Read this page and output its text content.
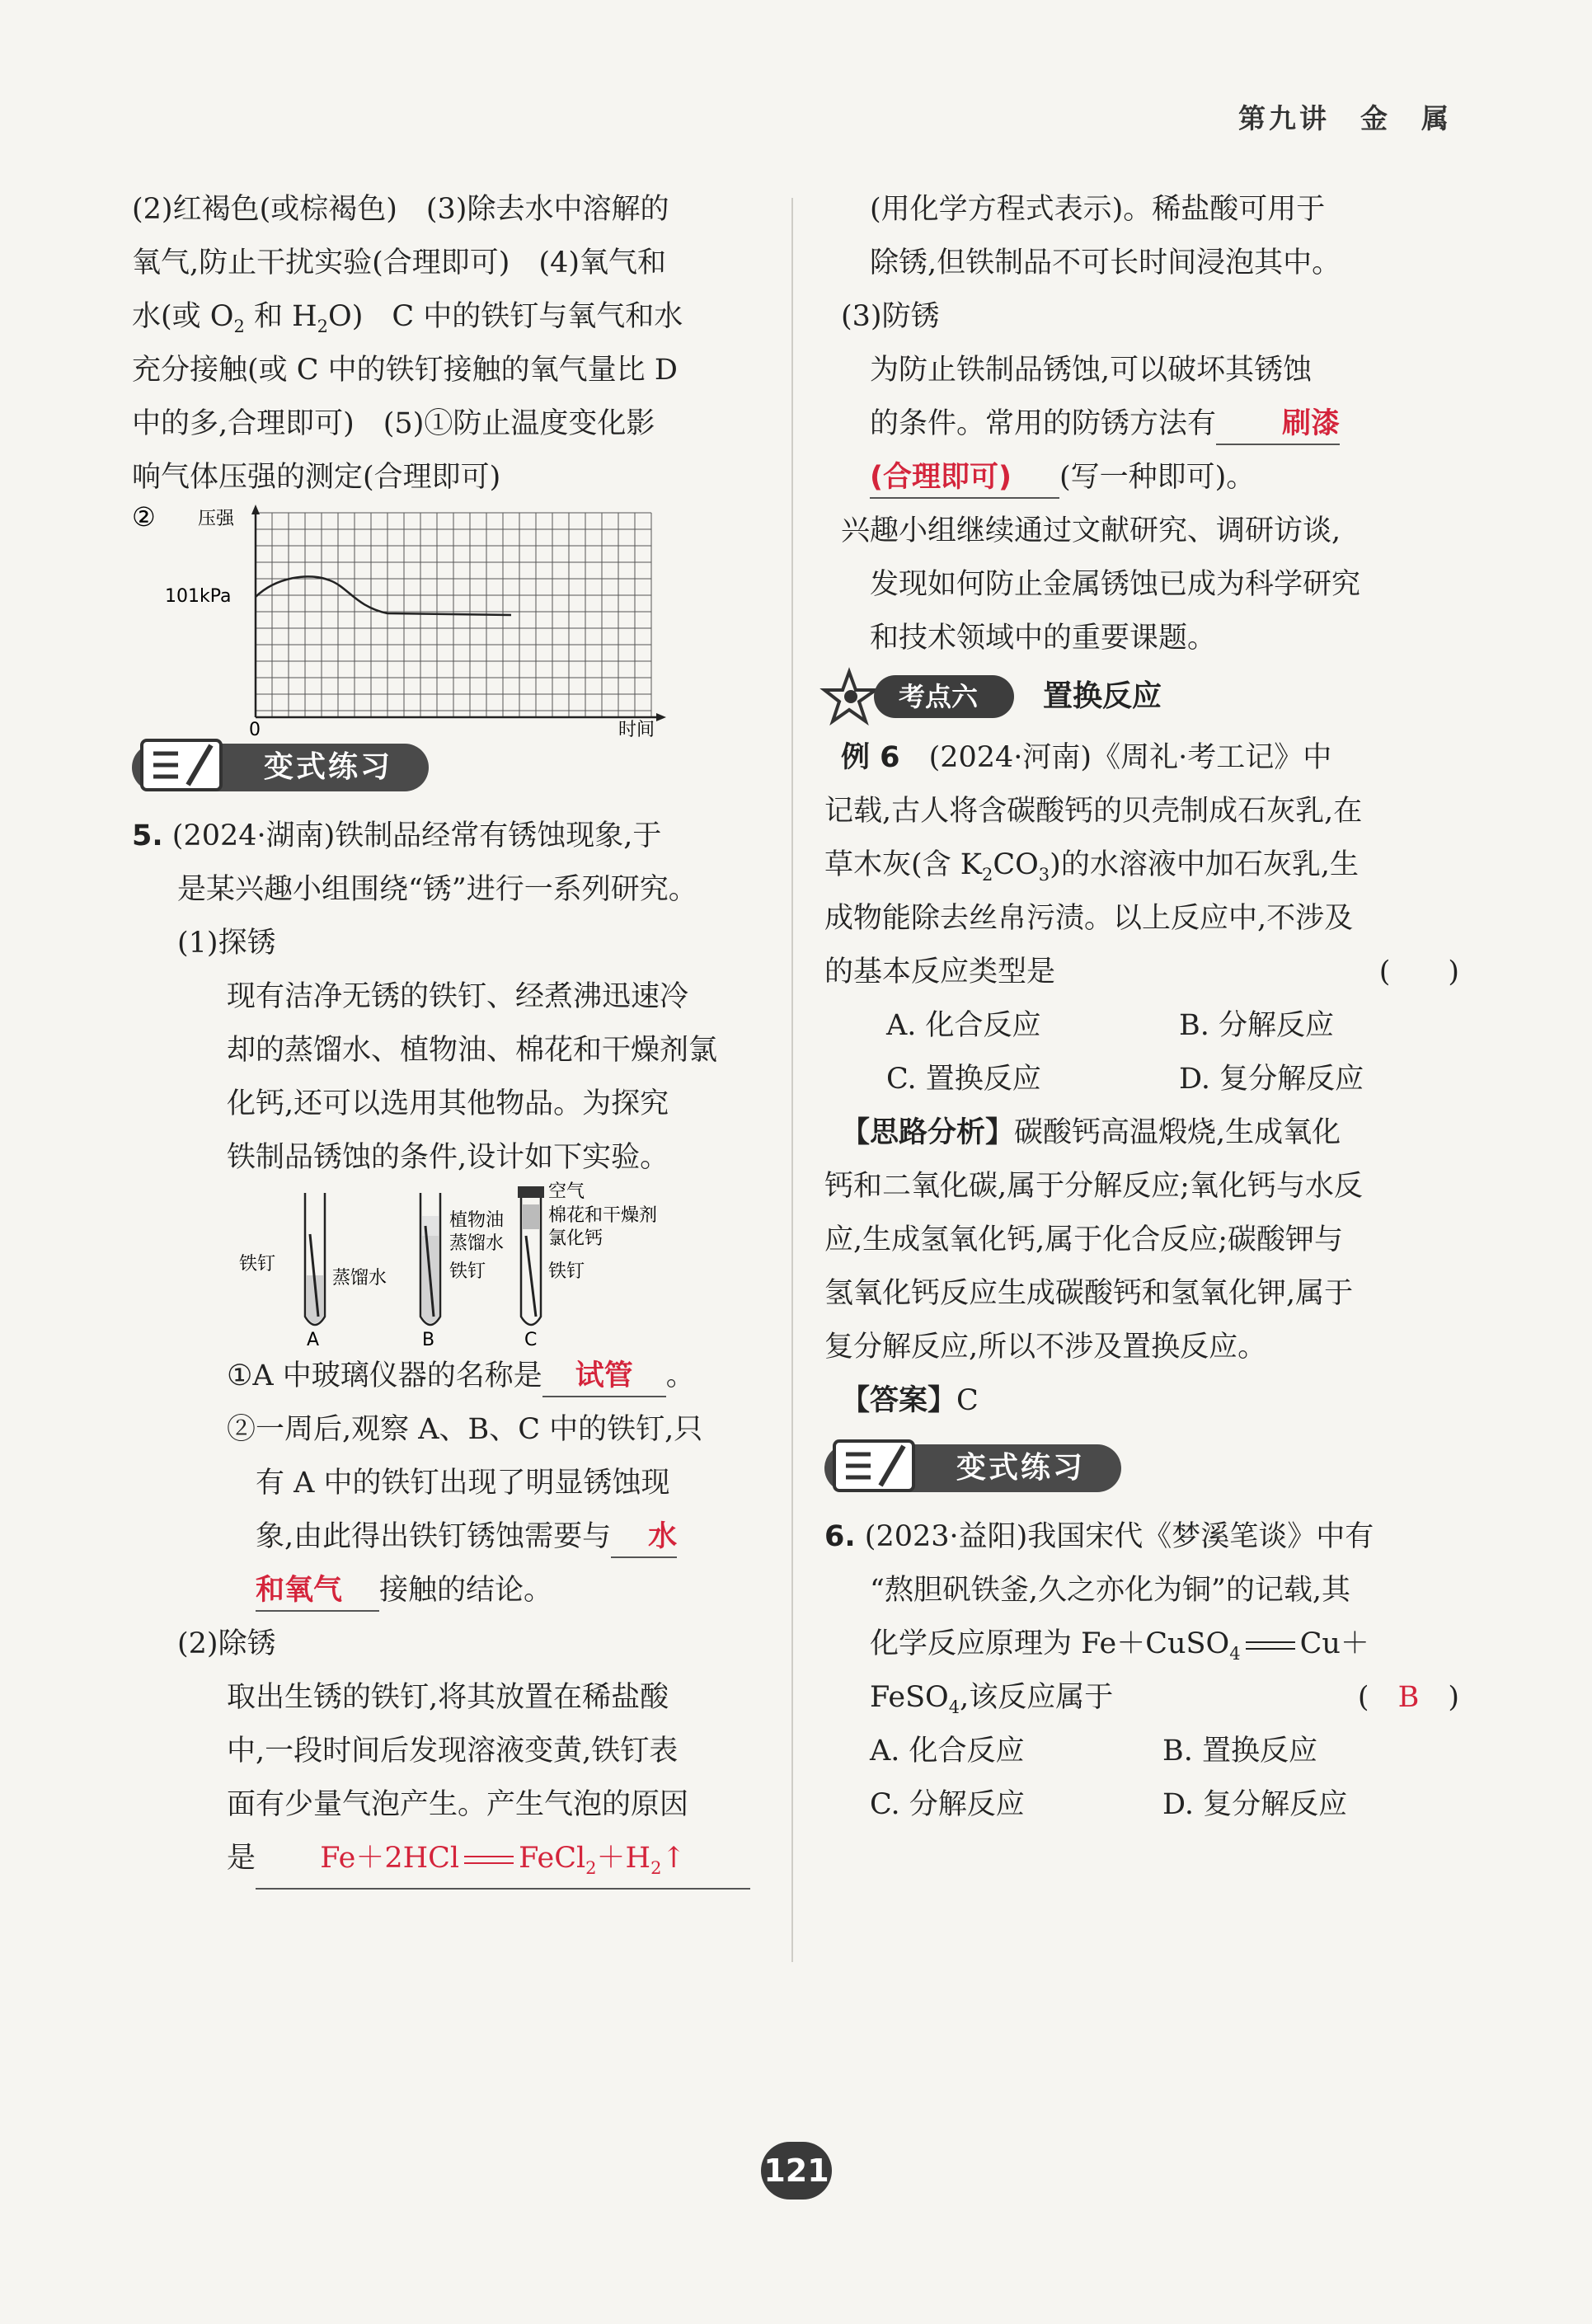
第九讲　金　属
(2)红褐色(或棕褐色)　(3)除去水中溶解的
氧气,防止干扰实验(合理即可)　(4)氧气和
水(或 $O_2$ 和 $H_2O$)　C 中的铁钉与氧气和水
充分接触(或 C 中的铁钉接触的氧气量比 D
中的多,合理即可)　(5)①防止温度变化影
响气体压强的测定(合理即可)
② 压强
101kPa
0	时间
变式练习
5. (2024·湖南)铁制品经常有锈蚀现象,于
是某兴趣小组围绕“锈”进行一系列研究。
(1)探锈
现有洁净无锈的铁钉、经煮沸迅速冷
却的蒸馏水、植物油、棉花和干燥剂氯
化钙,还可以选用其他物品。为探究
铁制品锈蚀的条件,设计如下实验。
铁钉
蒸馏水
A
植物油
蒸馏水
铁钉
B
空气
棉花和干燥剂
氯化钙
铁钉
C
①A 中玻璃仪器的名称是 试管 。
②一周后,观察 A、B、C 中的铁钉,只
有 A 中的铁钉出现了明显锈蚀现
象,由此得出铁钉锈蚀需要与 水
和氧气 接触的结论。
(2)除锈
取出生锈的铁钉,将其放置在稀盐酸
中,一段时间后发现溶液变黄,铁钉表
面有少量气泡产生。产生气泡的原因
是 Fe＋2HCl $FeCl_2+H_2↑$
(用化学方程式表示)。稀盐酸可用于
除锈,但铁制品不可长时间浸泡其中。
(3)防锈
为防止铁制品锈蚀,可以破坏其锈蚀
的条件。常用的防锈方法有 刷漆
(合理即可) (写一种即可)。
兴趣小组继续通过文献研究、调研访谈,
发现如何防止金属锈蚀已成为科学研究
和技术领域中的重要课题。
考点六	置换反应
例 6　 (2024·河南)《周礼·考工记》中
记载,古人将含碳酸钙的贝壳制成石灰乳,在
草木灰(含 $K_2CO_3$)的水溶液中加石灰乳,生
成物能除去丝帛污渍。以上反应中,不涉及
的基本反应类型是	(　　)
A. 化合反应	B. 分解反应
C. 置换反应	D. 复分解反应
【思路分析】碳酸钙高温煅烧,生成氧化
钙和二氧化碳,属于分解反应;氧化钙与水反
应,生成氢氧化钙,属于化合反应;碳酸钾与
氢氧化钙反应生成碳酸钙和氢氧化钾,属于
复分解反应,所以不涉及置换反应。
【答案】C
变式练习
6. (2023·益阳)我国宋代《梦溪笔谈》中有
“熬胆矾铁釜,久之亦化为铜”的记载,其
化学反应原理为 Fe＋CuSO$_4$ Cu＋
FeSO$_4$,该反应属于	(　 B　 )
A. 化合反应	B. 置换反应
C. 分解反应	D. 复分解反应
121
